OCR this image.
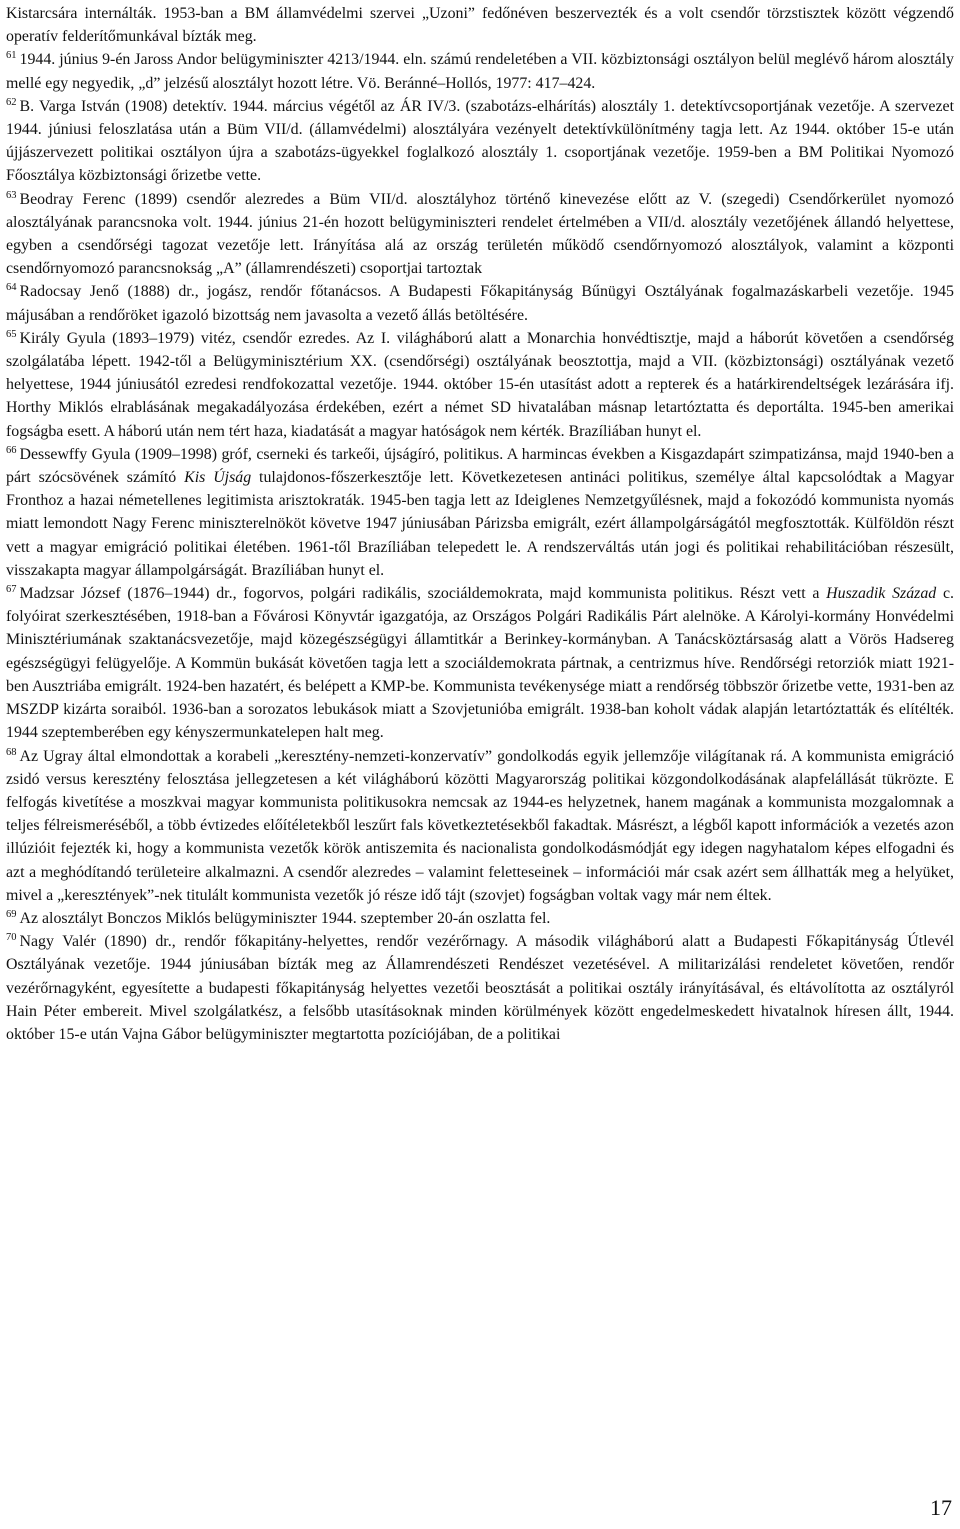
Kistarcsára internálták. 1953-ban a BM államvédelmi szervei „Uzoni” fedőnéven beszervezték és a volt csendőr törzstisztek között végzendő operatív felderítőmunkával bízták meg.

$^{61}$ 1944. június 9-én Jaross Andor belügyminiszter 4213/1944. eln. számú rendeletében a VII. közbiztonsági osztályon belül meglévő három alosztály mellé egy negyedik, „d” jelzésű alosztályt hozott létre. Vö. Beránné–Hollós, 1977: 417–424.

$^{62}$ B. Varga István (1908) detektív. 1944. március végétől az ÁR IV/3. (szabotázs-elhárítás) alosztály 1. detektívcsoportjának vezetője. A szervezet 1944. júniusi feloszlatása után a Büm VII/d. (államvédelmi) alosztályára vezényelt detektívkülönítmény tagja lett. Az 1944. október 15-e után újjászervezett politikai osztályon újra a szabotázs-ügyekkel foglalkozó alosztály 1. csoportjának vezetője. 1959-ben a BM Politikai Nyomozó Főosztálya közbiztonsági őrizetbe vette.

$^{63}$ Beodray Ferenc (1899) csendőr alezredes a Büm VII/d. alosztályhoz történő kinevezése előtt az V. (szegedi) Csendőrkerület nyomozó alosztályának parancsnoka volt. 1944. június 21-én hozott belügyminiszteri rendelet értelmében a VII/d. alosztály vezetőjének állandó helyettese, egyben a csendőrségi tagozat vezetője lett. Irányítása alá az ország területén működő csendőrnyomozó alosztályok, valamint a központi csendőrnyomozó parancsnokság „A” (államrendészeti) csoportjai tartoztak

$^{64}$ Radocsay Jenő (1888) dr., jogász, rendőr főtanácsos. A Budapesti Főkapitányság Bűnügyi Osztályának fogalmazáskarbeli vezetője. 1945 májusában a rendőröket igazoló bizottság nem javasolta a vezető állás betöltésére.

$^{65}$ Király Gyula (1893–1979) vitéz, csendőr ezredes. Az I. világháború alatt a Monarchia honvédtisztje, majd a háborút követően a csendőrség szolgálatába lépett. 1942-től a Belügyminisztérium XX. (csendőrségi) osztályának beosztottja, majd a VII. (közbiztonsági) osztályának vezető helyettese, 1944 júniusától ezredesi rendfokozattal vezetője. 1944. október 15-én utasítást adott a repterek és a határkirendeltségek lezárására ifj. Horthy Miklós elrablásának megakadályozása érdekében, ezért a német SD hivatalában másnap letartóztatta és deportálta. 1945-ben amerikai fogságba esett. A háború után nem tért haza, kiadatását a magyar hatóságok nem kérték. Brazíliában hunyt el.

$^{66}$ Dessewffy Gyula (1909–1998) gróf, cserneki és tarkeői, újságíró, politikus. A harmincas években a Kisgazdapárt szimpatizánsa, majd 1940-ben a párt szócsövének számító Kis Újság tulajdonos-főszerkesztője lett. Következetesen antináci politikus, személye által kapcsolódtak a Magyar Fronthoz a hazai németellenes legitimista arisztokraták. 1945-ben tagja lett az Ideiglenes Nemzetgyűlésnek, majd a fokozódó kommunista nyomás miatt lemondott Nagy Ferenc miniszterelnököt követve 1947 júniusában Párizsba emigrált, ezért állampolgárságától megfosztották. Külföldön részt vett a magyar emigráció politikai életében. 1961-től Brazíliában telepedett le. A rendszerváltás után jogi és politikai rehabilitációban részesült, visszakapta magyar állampolgárságát. Brazíliában hunyt el.

$^{67}$ Madzsar József (1876–1944) dr., fogorvos, polgári radikális, szociáldemokrata, majd kommunista politikus. Részt vett a Huszadik Század c. folyóirat szerkesztésében, 1918-ban a Fővárosi Könyvtár igazgatója, az Országos Polgári Radikális Párt alelnöke. A Károlyi-kormány Honvédelmi Minisztériumának szaktanácsvezetője, majd közegészségügyi államtitkár a Berinkey-kormányban. A Tanácsköztársaság alatt a Vörös Hadsereg egészségügyi felügyelője. A Kommün bukását követően tagja lett a szociáldemokrata pártnak, a centrizmus híve. Rendőrségi retorziók miatt 1921-ben Ausztriába emigrált. 1924-ben hazatért, és belépett a KMP-be. Kommunista tevékenysége miatt a rendőrség többször őrizetbe vette, 1931-ben az MSZDP kizárta soraiból. 1936-ban a sorozatos lebukások miatt a Szovjetunióba emigrált. 1938-ban koholt vádak alapján letartóztatták és elítélték. 1944 szeptemberében egy kényszermunkatelepen halt meg.

$^{68}$ Az Ugray által elmondottak a korabeli „keresztény-nemzeti-konzervatív” gondolkodás egyik jellemzője világítanak rá. A kommunista emigráció zsidó versus keresztény felosztása jellegzetesen a két világháború közötti Magyarország politikai közgondolkodásának alapfelállását tükrözte. E felfogás kivetítése a moszkvai magyar kommunista politikusokra nemcsak az 1944-es helyzetnek, hanem magának a kommunista mozgalomnak a teljes félreismeréséből, a több évtizedes előítéletekből leszűrt fals következtetésekből fakadtak. Másrészt, a légből kapott információk a vezetés azon illúzióit fejezték ki, hogy a kommunista vezetők körök antiszemita és nacionalista gondolkodásmódját egy idegen nagyhatalom képes elfogadni és azt a meghódítandó területeire alkalmazni. A csendőr alezredes – valamint feletteseinek – információi már csak azért sem állhatták meg a helyüket, mivel a „keresztények”-nek titulált kommunista vezetők jó része idő tájt (szovjet) fogságban voltak vagy már nem éltek.

$^{69}$ Az alosztályt Bonczos Miklós belügyminiszter 1944. szeptember 20-án oszlatta fel.

$^{70}$ Nagy Valér (1890) dr., rendőr főkapitány-helyettes, rendőr vezérőrnagy. A második világháború alatt a Budapesti Főkapitányság Útlevél Osztályának vezetője. 1944 júniusában bízták meg az Államrendészeti Rendészet vezetésével. A militarizálási rendeletet követően, rendőr vezérőrnagyként, egyesítette a budapesti főkapitányság helyettes vezetői beosztását a politikai osztály irányításával, és eltávolította az osztályról Hain Péter embereit. Mivel szolgálatkész, a felsőbb utasításoknak minden körülmények között engedelmeskedett hivatalnok híresen állt, 1944. október 15-e után Vajna Gábor belügyminiszter megtartotta pozíciójában, de a politikai

17
